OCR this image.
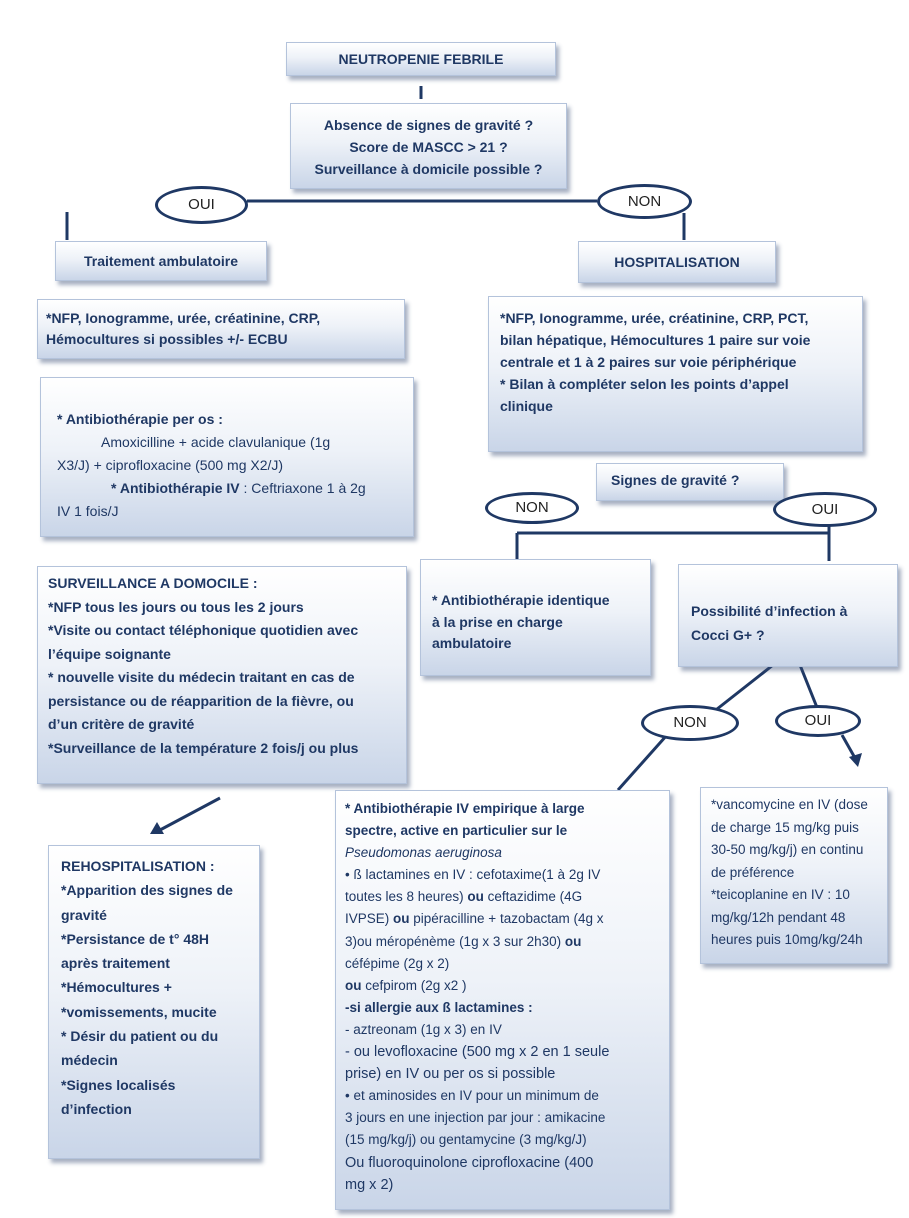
NEUTROPENIE FEBRILE
Absence de signes de gravité ?
Score de MASCC > 21 ?
Surveillance à domicile possible ?
OUI	NON
Traitement ambulatoire	HOSPITALISATION
*NFP, Ionogramme, urée, créatinine, CRP,
Hémocultures si possibles +/- ECBU
*NFP, Ionogramme, urée, créatinine, CRP, PCT,
bilan hépatique, Hémocultures 1 paire sur voie
centrale et 1 à 2 paires sur voie périphérique
* Bilan à compléter selon les points d’appel
clinique
* Antibiothérapie per os :
Amoxicilline + acide clavulanique (1g
X3/J) + ciprofloxacine (500 mg X2/J)
* Antibiothérapie IV : Ceftriaxone 1 à 2g
IV 1 fois/J
Signes de gravité ?
NON	OUI
SURVEILLANCE A DOMOCILE :
*NFP tous les jours ou tous les 2 jours
*Visite ou contact téléphonique quotidien avec
l’équipe soignante
* nouvelle visite du médecin traitant en cas de
persistance ou de réapparition de la fièvre, ou
d’un critère de gravité
*Surveillance de la température 2 fois/j ou plus
* Antibiothérapie identique
à la prise en charge
ambulatoire
Possibilité d’infection à
Cocci G+ ?
NON	OUI
REHOSPITALISATION :
*Apparition des signes de
gravité
*Persistance de t° 48H
après traitement
*Hémocultures +
*vomissements, mucite
* Désir du patient ou du
médecin
*Signes localisés
d’infection
* Antibiothérapie IV empirique à large
spectre, active en particulier sur le
Pseudomonas aeruginosa
• ß lactamines en IV : cefotaxime(1 à 2g IV
toutes les 8 heures) ou ceftazidime (4G
IVPSE) ou pipéracilline + tazobactam (4g x
3)ou méropénème (1g x 3 sur 2h30) ou
céfépime (2g x 2)
ou cefpirom (2g x2 )
-si allergie aux ß lactamines :
- aztreonam (1g x 3) en IV
- ou levofloxacine (500 mg x 2 en 1 seule
prise) en IV ou per os si possible
• et aminosides en IV pour un minimum de
3 jours en une injection par jour : amikacine
(15 mg/kg/j) ou gentamycine (3 mg/kg/J)
Ou fluoroquinolone ciprofloxacine (400
mg x 2)
*vancomycine en IV (dose
de charge 15 mg/kg puis
30-50 mg/kg/j) en continu
de préférence
*teicoplanine en IV : 10
mg/kg/12h pendant 48
heures puis 10mg/kg/24h
